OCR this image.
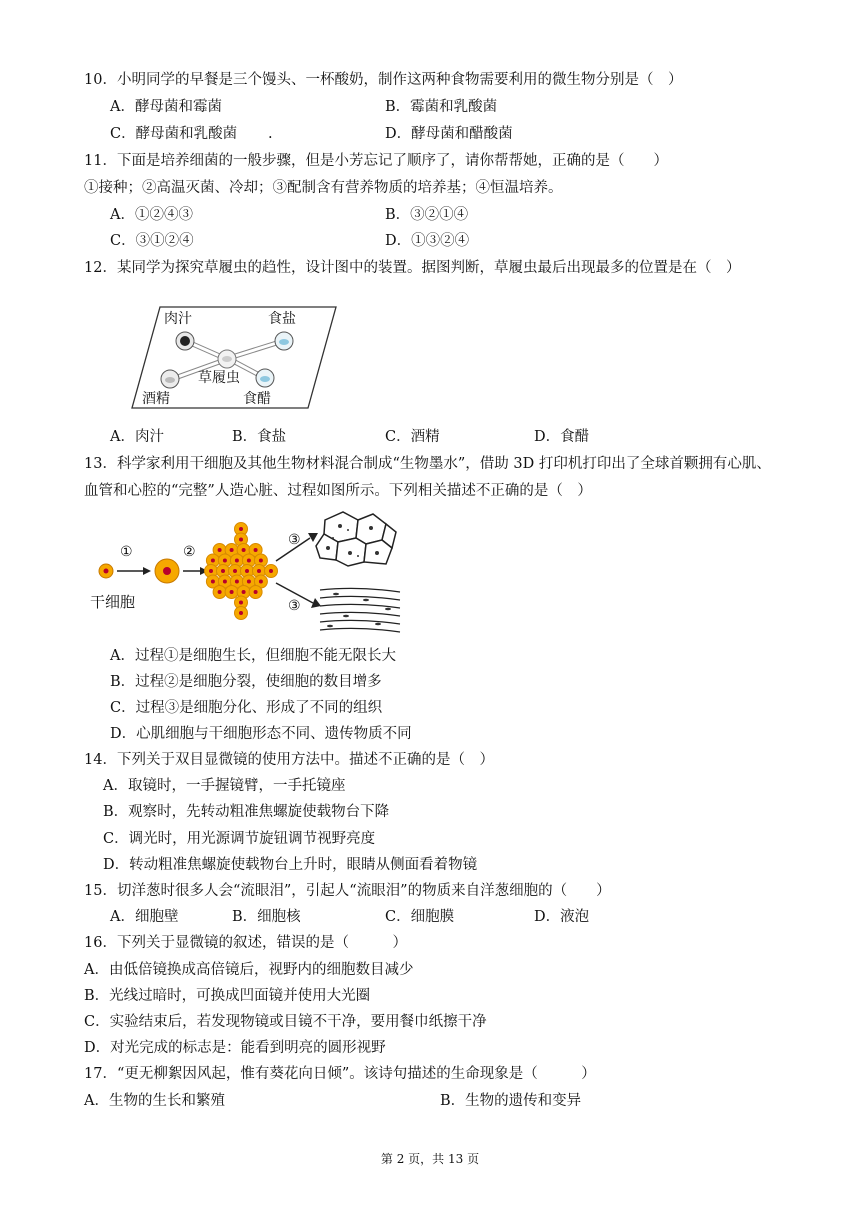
10．小明同学的早餐是三个馒头、一杯酸奶，制作这两种食物需要利用的微生物分别是（　）
A．酵母菌和霉菌	B．霉菌和乳酸菌
C．酵母菌和乳酸菌 .	D．酵母菌和醋酸菌
11．下面是培养细菌的一般步骤，但是小芳忘记了顺序了，请你帮帮她，正确的是（　　）
①接种；②高温灭菌、冷却；③配制含有营养物质的培养基；④恒温培养。
A．①②④③	B．③②①④
C．③①②④	D．①③②④
12．某同学为探究草履虫的趋性，设计图中的装置。据图判断，草履虫最后出现最多的位置是在（　）
肉汁	食盐
草履虫
酒精	食醋
A．肉汁	B．食盐	C．酒精	D．食醋
13．科学家利用干细胞及其他生物材料混合制成“生物墨水”，借助 3D 打印机打印出了全球首颗拥有心肌、
血管和心腔的“完整”人造心脏、过程如图所示。下列相关描述不正确的是（　）
①	②
③
③
干细胞
A．过程①是细胞生长，但细胞不能无限长大
B．过程②是细胞分裂，使细胞的数目增多
C．过程③是细胞分化、形成了不同的组织
D．心肌细胞与干细胞形态不同、遗传物质不同
14．下列关于双目显微镜的使用方法中。描述不正确的是（　）
A．取镜时，一手握镜臂，一手托镜座
B．观察时，先转动粗准焦螺旋使载物台下降
C．调光时，用光源调节旋钮调节视野亮度
D．转动粗准焦螺旋使载物台上升时，眼睛从侧面看着物镜
15．切洋葱时很多人会“流眼泪”，引起人“流眼泪”的物质来自洋葱细胞的（　　）
A．细胞壁	B．细胞核	C．细胞膜	D．液泡
16．下列关于显微镜的叙述，错误的是（　　　）
A．由低倍镜换成高倍镜后，视野内的细胞数目减少
B．光线过暗时，可换成凹面镜并使用大光圈
C．实验结束后，若发现物镜或目镜不干净，要用餐巾纸擦干净
D．对光完成的标志是：能看到明亮的圆形视野
17．“更无柳絮因风起，惟有葵花向日倾”。该诗句描述的生命现象是（　　　）
A．生物的生长和繁殖	B．生物的遗传和变异
第 2 页，共 13 页
